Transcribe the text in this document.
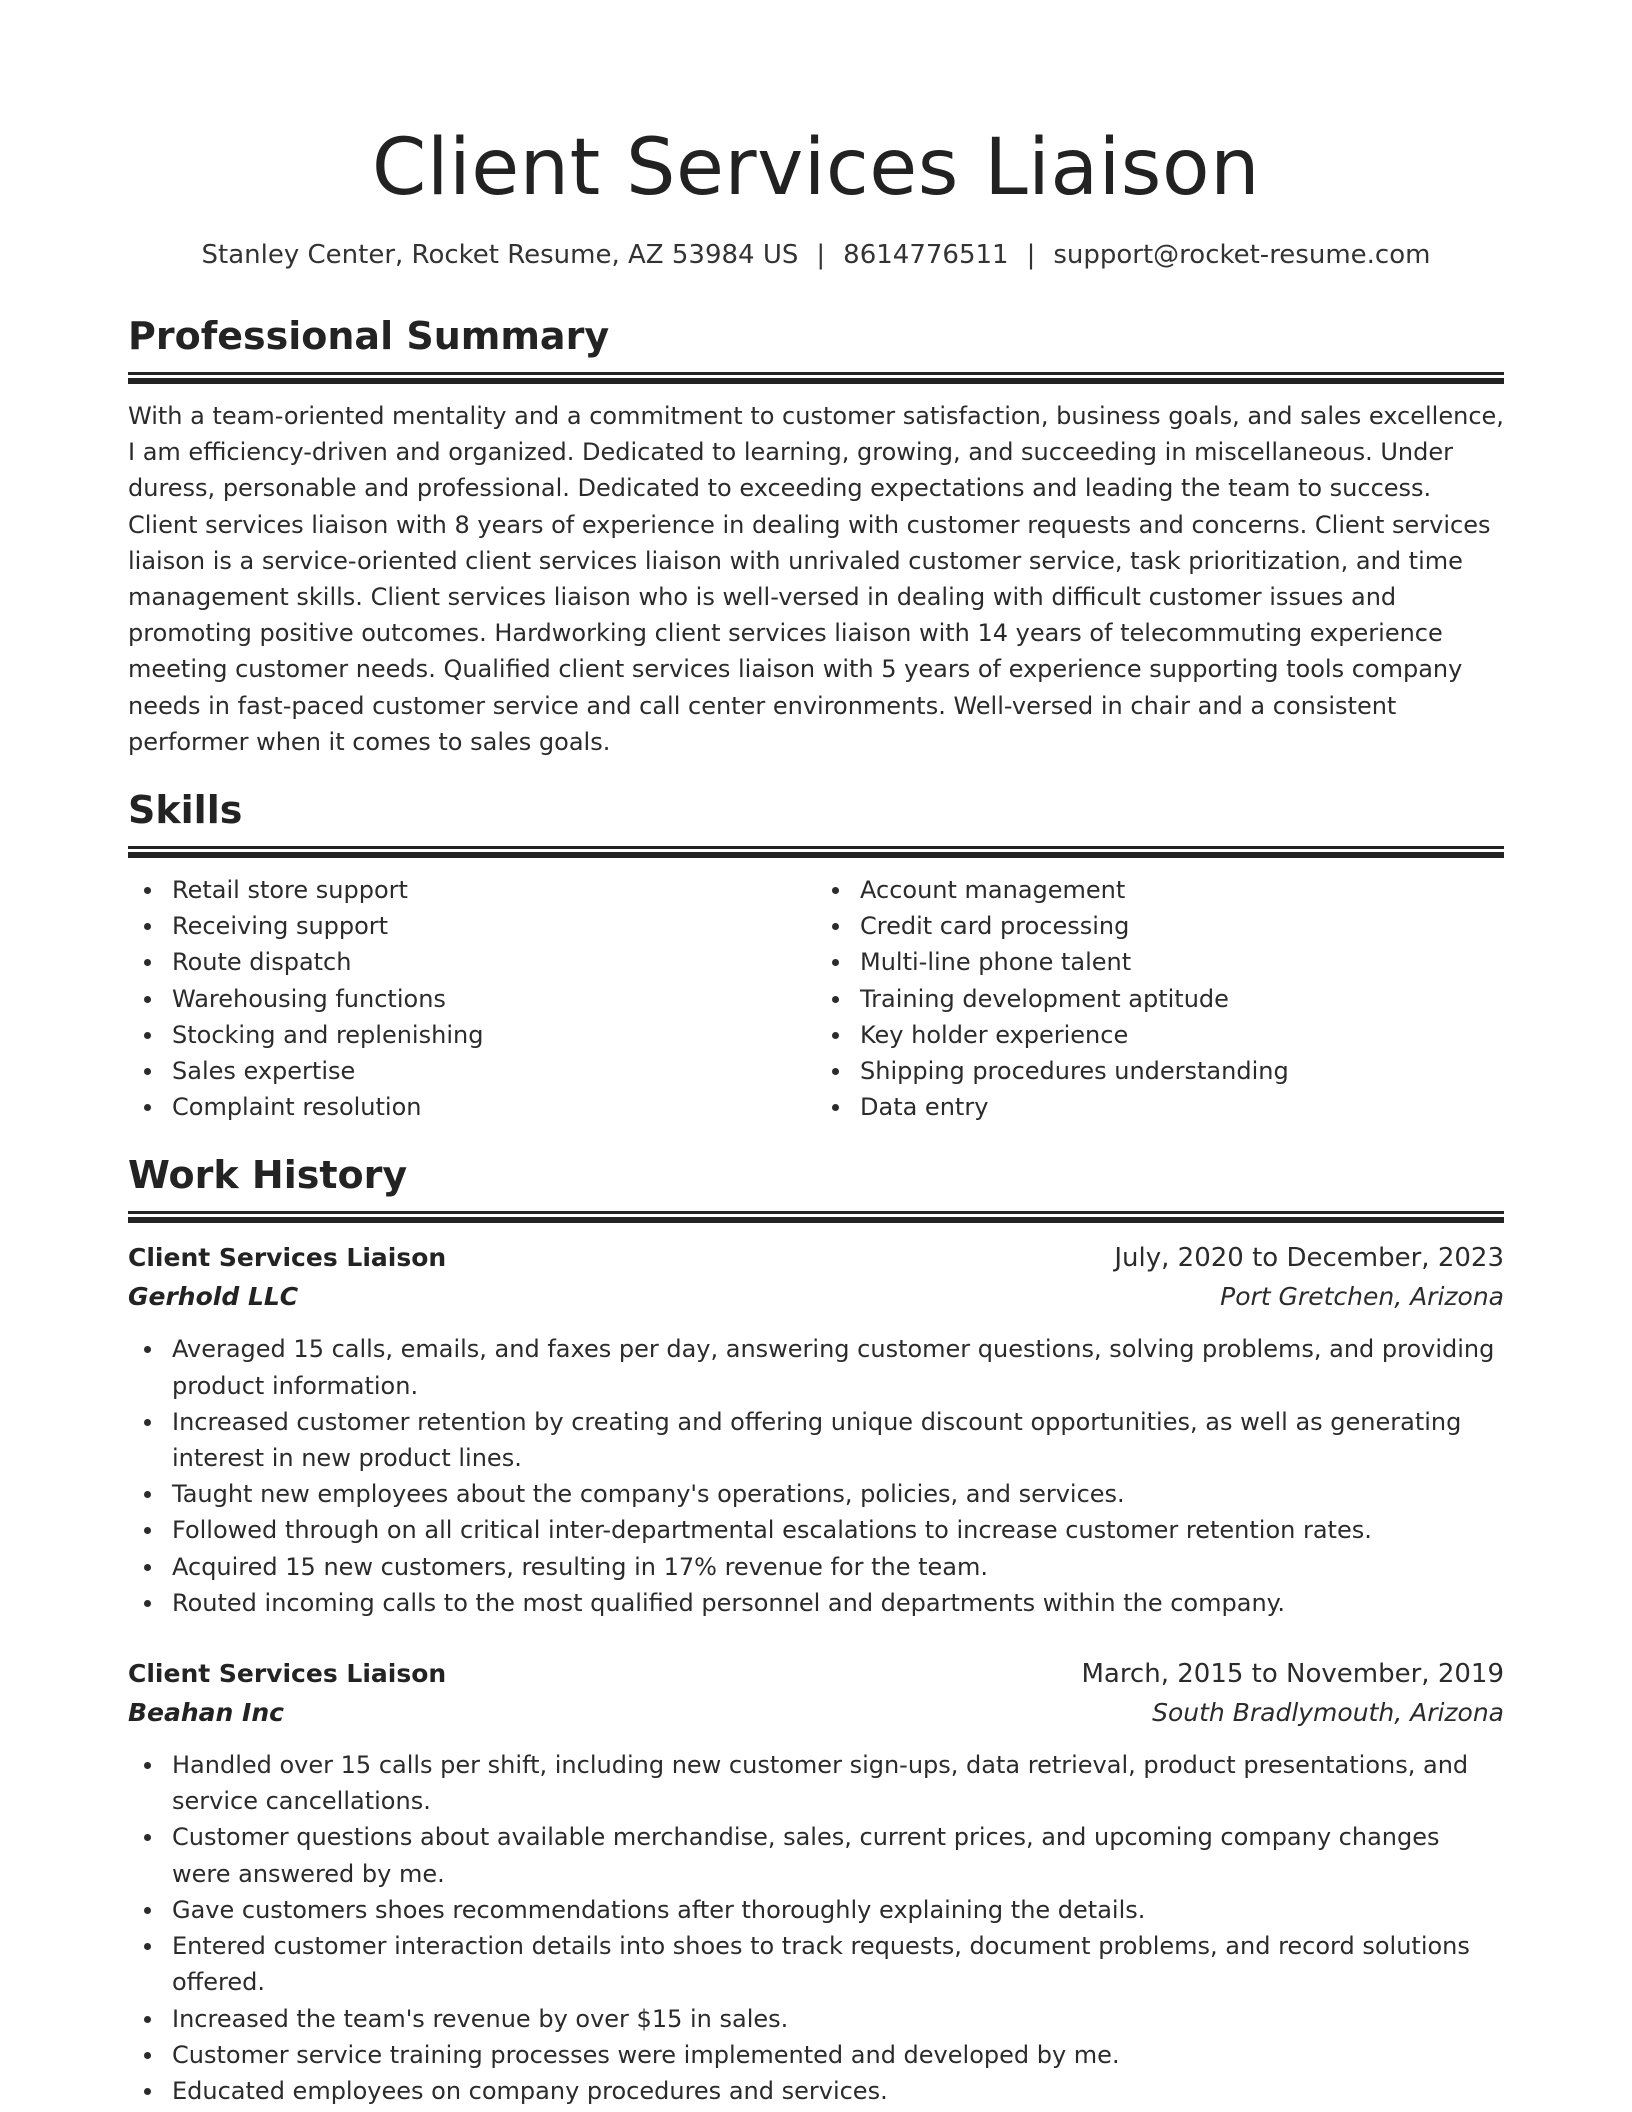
Client Services Liaison
Stanley Center, Rocket Resume, AZ 53984 US | 8614776511 | support@rocket-resume.com
Professional Summary

With a team-oriented mentality and a commitment to customer satisfaction, business goals, and sales excellence, I am efficiency-driven and organized. Dedicated to learning, growing, and succeeding in miscellaneous. Under duress, personable and professional. Dedicated to exceeding expectations and leading the team to success. Client services liaison with 8 years of experience in dealing with customer requests and concerns. Client services liaison is a service-oriented client services liaison with unrivaled customer service, task prioritization, and time management skills. Client services liaison who is well-versed in dealing with difficult customer issues and promoting positive outcomes. Hardworking client services liaison with 14 years of telecommuting experience meeting customer needs. Qualified client services liaison with 5 years of experience supporting tools company needs in fast-paced customer service and call center environments. Well-versed in chair and a consistent performer when it comes to sales goals.

Skills
Retail store support
Receiving support
Route dispatch
Warehousing functions
Stocking and replenishing
Sales expertise
Complaint resolution
Account management
Credit card processing
Multi-line phone talent
Training development aptitude
Key holder experience
Shipping procedures understanding
Data entry
Work History
Client Services Liaison	July, 2020 to December, 2023
Gerhold LLC	Port Gretchen, Arizona
Averaged 15 calls, emails, and faxes per day, answering customer questions, solving problems, and providing product information.
Increased customer retention by creating and offering unique discount opportunities, as well as generating interest in new product lines.
Taught new employees about the company's operations, policies, and services.
Followed through on all critical inter-departmental escalations to increase customer retention rates.
Acquired 15 new customers, resulting in 17% revenue for the team.
Routed incoming calls to the most qualified personnel and departments within the company.
Client Services Liaison	March, 2015 to November, 2019
Beahan Inc	South Bradlymouth, Arizona
Handled over 15 calls per shift, including new customer sign-ups, data retrieval, product presentations, and service cancellations.
Customer questions about available merchandise, sales, current prices, and upcoming company changes were answered by me.
Gave customers shoes recommendations after thoroughly explaining the details.
Entered customer interaction details into shoes to track requests, document problems, and record solutions offered.
Increased the team's revenue by over $15 in sales.
Customer service training processes were implemented and developed by me.
Educated employees on company procedures and services.
